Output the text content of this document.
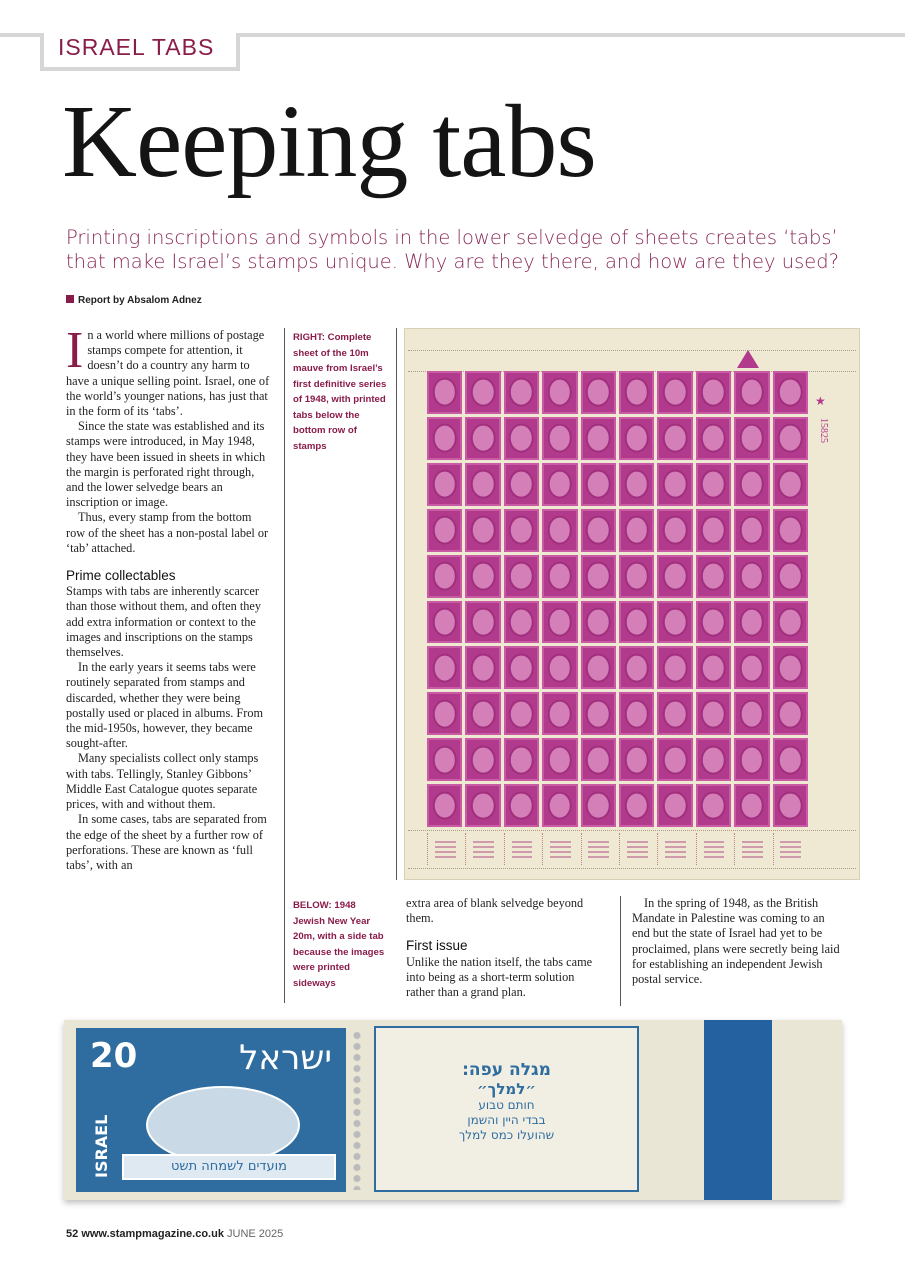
ISRAEL TABS
Keeping tabs
Printing inscriptions and symbols in the lower selvedge of sheets creates ‘tabs’ that make Israel’s stamps unique. Why are they there, and how are they used?
Report by Absalom Adnez

In a world where millions of postage stamps compete for attention, it doesn’t do a country any harm to have a unique selling point. Israel, one of the world’s younger nations, has just that in the form of its ‘tabs’.

Since the state was established and its stamps were introduced, in May 1948, they have been issued in sheets in which the margin is perforated right through, and the lower selvedge bears an inscription or image.

Thus, every stamp from the bottom row of the sheet has a non-postal label or ‘tab’ attached.

Prime collectables

Stamps with tabs are inherently scarcer than those without them, and often they add extra information or context to the images and inscriptions on the stamps themselves.

In the early years it seems tabs were routinely separated from stamps and discarded, whether they were being postally used or placed in albums. From the mid-1950s, however, they became sought-after.

Many specialists collect only stamps with tabs. Tellingly, Stanley Gibbons’ Middle East Catalogue quotes separate prices, with and without them.

In some cases, tabs are separated from the edge of the sheet by a further row of perforations. These are known as ‘full tabs’, with an

RIGHT: Complete sheet of the 10m mauve from Israel’s first definitive series of 1948, with printed tabs below the bottom row of stamps
BELOW: 1948 Jewish New Year 20m, with a side tab because the images were printed sideways
★
15825

extra area of blank selvedge beyond them.

First issue

Unlike the nation itself, the tabs came into being as a short-term solution rather than a grand plan.

In the spring of 1948, as the British Mandate in Palestine was coming to an end but the state of Israel had yet to be proclaimed, plans were secretly being laid for establishing an independent Jewish postal service.

20	ישראל
ISRAEL	מועדים לשמחה תשט
מגלה עפה:
״למלך״
חותם טבוע
בבדי היין והשמן
שהועלו כמס למלך
52 www.stampmagazine.co.uk JUNE 2025
